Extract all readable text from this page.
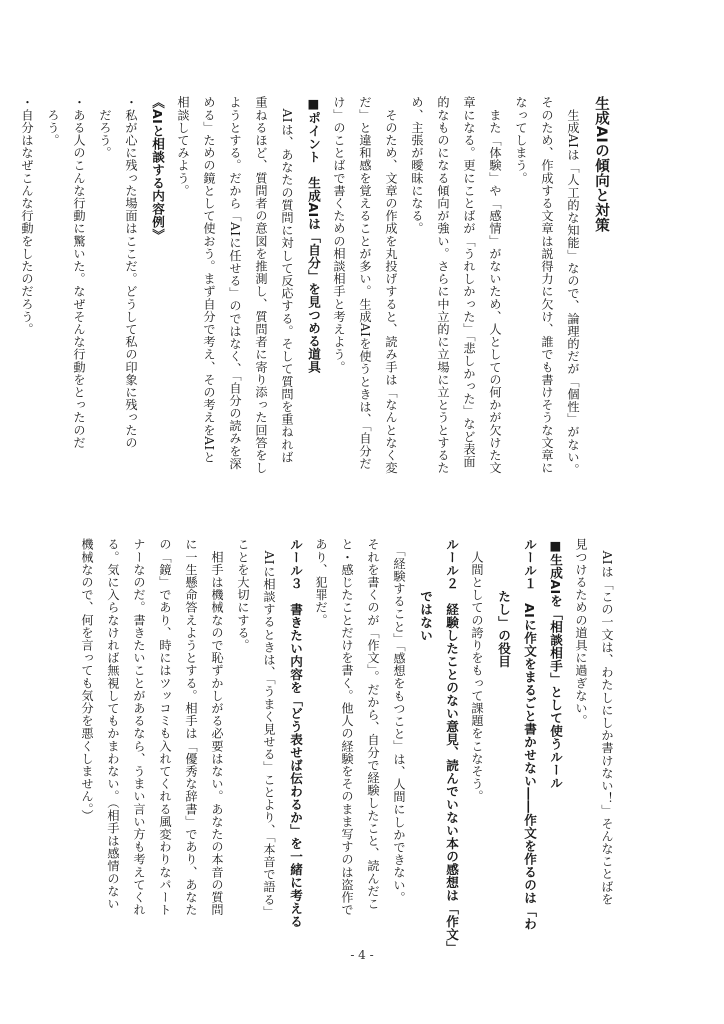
生成AIの傾向と対策
　生成AIは「人工的な知能」なので、論理的だが「個性」がない。
そのため、作成する文章は説得力に欠け、誰でも書けそうな文章に
なってしまう。
　また「体験」や「感情」がないため、人としての何かが欠けた文
章になる。更にことばが「うれしかった」「悲しかった」など表面
的なものになる傾向が強い。さらに中立的に立場に立とうとするた
め、主張が曖昧になる。
　そのため、文章の作成を丸投げすると、読み手は「なんとなく変
だ」と違和感を覚えることが多い。生成AIを使うときは、「自分だ
け」のことばで書くための相談相手と考えよう。
■ポイント　生成AIは「自分」を見つめる道具
　AIは、あなたの質問に対して反応する。そして質問を重ねれば
重ねるほど、質問者の意図を推測し、質問者に寄り添った回答をし
ようとする。だから「AIに任せる」のではなく、「自分の読みを深
める」ための鏡として使おう。まず自分で考え、その考えをAIと
相談してみよう。
《AIと相談する内容例》
・私が心に残った場面はここだ。どうして私の印象に残ったの
　だろう。
・ある人のこんな行動に驚いた。なぜそんな行動をとったのだ
　ろう。
・自分はなぜこんな行動をしたのだろう。
　AIは「この一文は、わたしにしか書けない！」そんなことばを
見つけるための道具に過ぎない。
■生成AIを「相談相手」として使うルール
ルール１　AIに作文をまるごと書かせない――作文を作るのは「わ
　　　　たし」の役目
　人間としての誇りをもって課題をこなそう。
ルール２　経験したことのない意見、読んでいない本の感想は「作文」
　　　　ではない
　「経験すること」「感想をもつこと」は、人間にしかできない。
それを書くのが「作文」。だから、自分で経験したこと、読んだこ
と・感じたことだけを書く。他人の経験をそのまま写すのは盗作で
あり、犯罪だ。
ルール３　書きたい内容を「どう表せば伝わるか」を一緒に考える
　AIに相談するときは、「うまく見せる」ことより、「本音で語る」
ことを大切にする。
　相手は機械なので恥ずかしがる必要はない。あなたの本音の質問
に一生懸命答えようとする。相手は「優秀な辞書」であり、あなた
の「鏡」であり、時にはツッコミも入れてくれる風変わりなパート
ナーなのだ。書きたいことがあるなら、うまい言い方も考えてくれ
る。気に入らなければ無視してもかまわない。（相手は感情のない
機械なので、何を言っても気分を悪くしません。）
- 4 -
